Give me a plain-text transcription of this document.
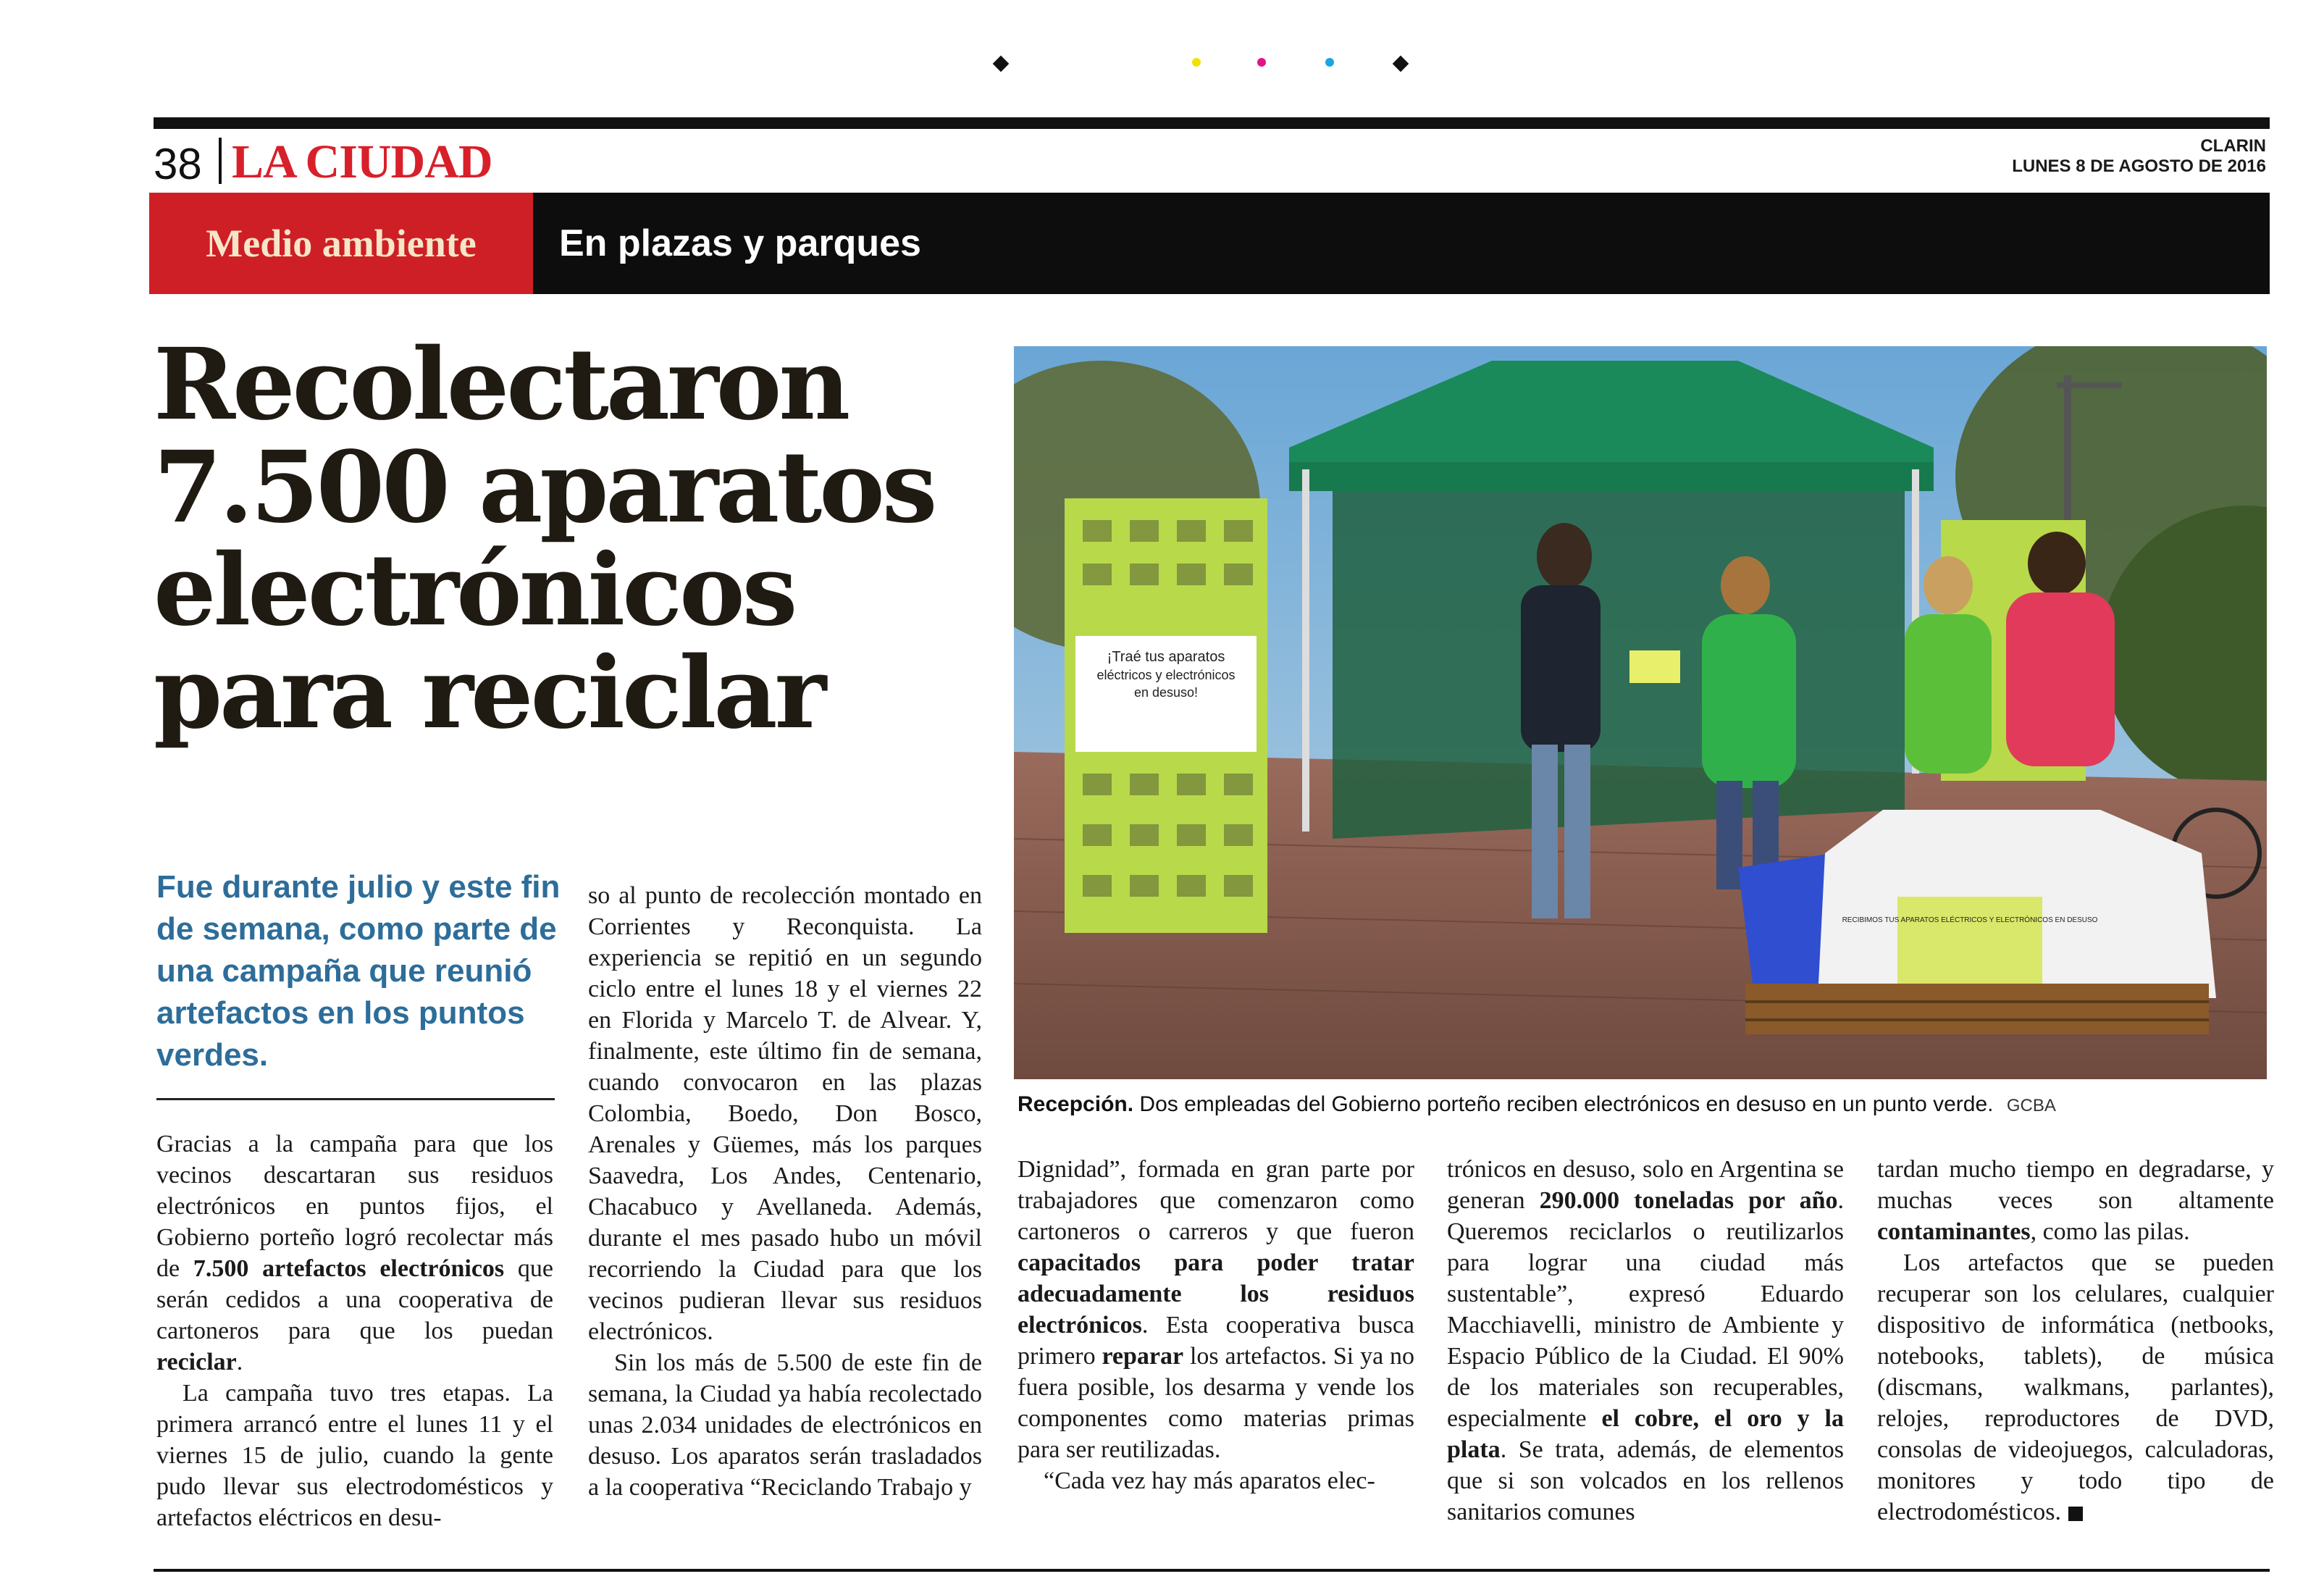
38 LA CIUDAD	CLARIN
LUNES 8 DE AGOSTO DE 2016
Medio ambiente En plazas y parques
Recolectaron
7.500 aparatos
electrónicos
para reciclar	¡Traé tus aparatos
eléctricos y electrónicos
en desuso!
RECIBIMOS TUS APARATOS ELÉCTRICOS Y ELECTRÓNICOS EN DESUSO
Recepción. Dos empleadas del Gobierno porteño reciben electrónicos en desuso en un punto verde. GCBA
Fue durante julio y este fin de semana, como parte de una campaña que reunió artefactos en los puntos verdes.

Gracias a la campaña para que los vecinos descartaran sus residuos electrónicos en puntos fijos, el Gobierno porteño logró recolectar más de 7.500 artefactos electrónicos que serán cedidos a una cooperativa de cartoneros para que los puedan reciclar.

La campaña tuvo tres etapas. La primera arrancó entre el lunes 11 y el viernes 15 de julio, cuando la gente pudo llevar sus electrodomésticos y artefactos eléctricos en desu-

so al punto de recolección montado en Corrientes y Reconquista. La experiencia se repitió en un segundo ciclo entre el lunes 18 y el viernes 22 en Florida y Marcelo T. de Alvear. Y, finalmente, este último fin de semana, cuando convocaron en las plazas Colombia, Boedo, Don Bosco, Arenales y Güemes, más los parques Saavedra, Los Andes, Centenario, Chacabuco y Avellaneda. Además, durante el mes pasado hubo un móvil recorriendo la Ciudad para que los vecinos pudieran llevar sus residuos electrónicos.

Sin los más de 5.500 de este fin de semana, la Ciudad ya había recolectado unas 2.034 unidades de electrónicos en desuso. Los aparatos serán trasladados a la cooperativa “Reciclando Trabajo y

Dignidad”, formada en gran parte por trabajadores que comenzaron como cartoneros o carreros y que fueron capacitados para poder tratar adecuadamente los residuos electrónicos. Esta cooperativa busca primero reparar los artefactos. Si ya no fuera posible, los desarma y vende los componentes como materias primas para ser reutilizadas.

“Cada vez hay más aparatos elec-

trónicos en desuso, solo en Argentina se generan 290.000 toneladas por año. Queremos reciclarlos o reutilizarlos para lograr una ciudad más sustentable”, expresó Eduardo Macchiavelli, ministro de Ambiente y Espacio Público de la Ciudad. El 90% de los materiales son recuperables, especialmente el cobre, el oro y la plata. Se trata, además, de elementos que si son volcados en los rellenos sanitarios comunes

tardan mucho tiempo en degradarse, y muchas veces son altamente contaminantes, como las pilas.

Los artefactos que se pueden recuperar son los celulares, cualquier dispositivo de informática (netbooks, notebooks, tablets), de música (discmans, walkmans, parlantes), relojes, reproductores de DVD, consolas de videojuegos, calculadoras, monitores y todo tipo de electrodomésticos.
